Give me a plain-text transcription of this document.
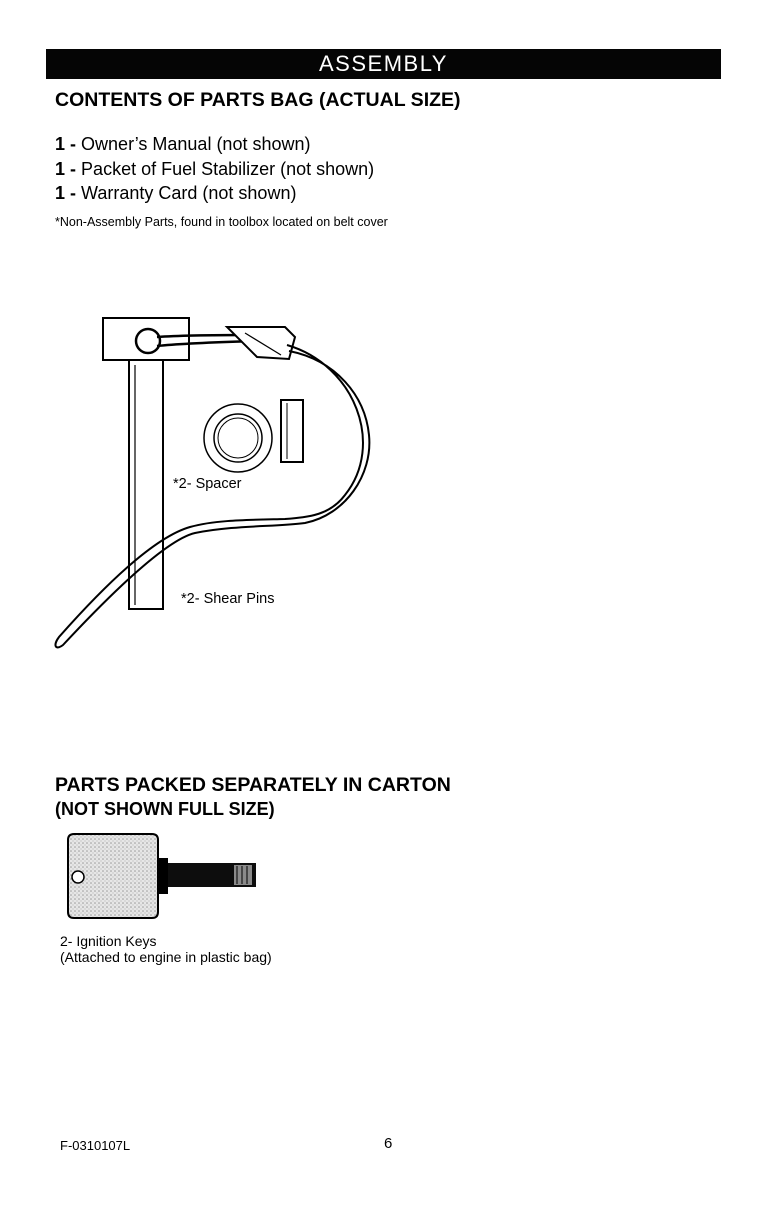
ASSEMBLY
CONTENTS OF PARTS BAG (ACTUAL SIZE)
1 - Owner’s Manual (not shown)
1 - Packet of Fuel Stabilizer (not shown)
1 - Warranty Card (not shown)
*Non-Assembly Parts, found in toolbox located on belt cover
*2- Spacer
*2- Shear Pins
PARTS PACKED SEPARATELY IN CARTON
(NOT SHOWN FULL SIZE)
2- Ignition Keys
(Attached to engine in plastic bag)
F-0310107L	6
